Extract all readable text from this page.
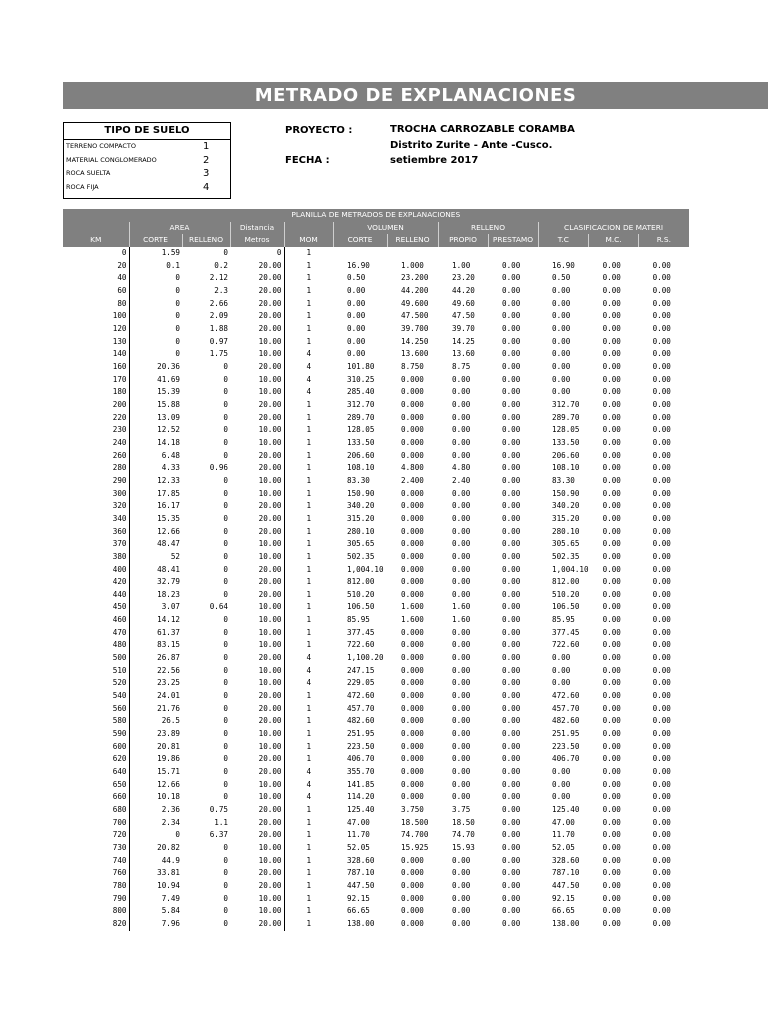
METRADO DE EXPLANACIONES
TIPO DE SUELO
TERRENO COMPACTO	1
MATERIAL CONGLOMERADO	2
ROCA SUELTA	3
ROCA FIJA	4
PROYECTO :	TROCHA CARROZABLE CORAMBA
Distrito Zurite - Ante -Cusco.
FECHA :	setiembre 2017
PLANILLA DE METRADOS DE EXPLANACIONES											
	AREA		Distancia		VOLUMEN		RELLENO		CLASIFICACION DE MATERI		
KM	CORTE	RELLENO	Metros	MOM	CORTE	RELLENO	PROPIO	PRESTAMO	T.C	M.C.	R.S.
0	1.59	0	0	1							
20	0.1	0.2	20.00	1	16.90	1.000	1.00	0.00	16.90	0.00	0.00
40	0	2.12	20.00	1	0.50	23.200	23.20	0.00	0.50	0.00	0.00
60	0	2.3	20.00	1	0.00	44.200	44.20	0.00	0.00	0.00	0.00
80	0	2.66	20.00	1	0.00	49.600	49.60	0.00	0.00	0.00	0.00
100	0	2.09	20.00	1	0.00	47.500	47.50	0.00	0.00	0.00	0.00
120	0	1.88	20.00	1	0.00	39.700	39.70	0.00	0.00	0.00	0.00
130	0	0.97	10.00	1	0.00	14.250	14.25	0.00	0.00	0.00	0.00
140	0	1.75	10.00	4	0.00	13.600	13.60	0.00	0.00	0.00	0.00
160	20.36	0	20.00	4	101.80	8.750	8.75	0.00	0.00	0.00	0.00
170	41.69	0	10.00	4	310.25	0.000	0.00	0.00	0.00	0.00	0.00
180	15.39	0	10.00	4	285.40	0.000	0.00	0.00	0.00	0.00	0.00
200	15.88	0	20.00	1	312.70	0.000	0.00	0.00	312.70	0.00	0.00
220	13.09	0	20.00	1	289.70	0.000	0.00	0.00	289.70	0.00	0.00
230	12.52	0	10.00	1	128.05	0.000	0.00	0.00	128.05	0.00	0.00
240	14.18	0	10.00	1	133.50	0.000	0.00	0.00	133.50	0.00	0.00
260	6.48	0	20.00	1	206.60	0.000	0.00	0.00	206.60	0.00	0.00
280	4.33	0.96	20.00	1	108.10	4.800	4.80	0.00	108.10	0.00	0.00
290	12.33	0	10.00	1	83.30	2.400	2.40	0.00	83.30	0.00	0.00
300	17.85	0	10.00	1	150.90	0.000	0.00	0.00	150.90	0.00	0.00
320	16.17	0	20.00	1	340.20	0.000	0.00	0.00	340.20	0.00	0.00
340	15.35	0	20.00	1	315.20	0.000	0.00	0.00	315.20	0.00	0.00
360	12.66	0	20.00	1	280.10	0.000	0.00	0.00	280.10	0.00	0.00
370	48.47	0	10.00	1	305.65	0.000	0.00	0.00	305.65	0.00	0.00
380	52	0	10.00	1	502.35	0.000	0.00	0.00	502.35	0.00	0.00
400	48.41	0	20.00	1	1,004.10	0.000	0.00	0.00	1,004.10	0.00	0.00
420	32.79	0	20.00	1	812.00	0.000	0.00	0.00	812.00	0.00	0.00
440	18.23	0	20.00	1	510.20	0.000	0.00	0.00	510.20	0.00	0.00
450	3.07	0.64	10.00	1	106.50	1.600	1.60	0.00	106.50	0.00	0.00
460	14.12	0	10.00	1	85.95	1.600	1.60	0.00	85.95	0.00	0.00
470	61.37	0	10.00	1	377.45	0.000	0.00	0.00	377.45	0.00	0.00
480	83.15	0	10.00	1	722.60	0.000	0.00	0.00	722.60	0.00	0.00
500	26.87	0	20.00	4	1,100.20	0.000	0.00	0.00	0.00	0.00	0.00
510	22.56	0	10.00	4	247.15	0.000	0.00	0.00	0.00	0.00	0.00
520	23.25	0	10.00	4	229.05	0.000	0.00	0.00	0.00	0.00	0.00
540	24.01	0	20.00	1	472.60	0.000	0.00	0.00	472.60	0.00	0.00
560	21.76	0	20.00	1	457.70	0.000	0.00	0.00	457.70	0.00	0.00
580	26.5	0	20.00	1	482.60	0.000	0.00	0.00	482.60	0.00	0.00
590	23.89	0	10.00	1	251.95	0.000	0.00	0.00	251.95	0.00	0.00
600	20.81	0	10.00	1	223.50	0.000	0.00	0.00	223.50	0.00	0.00
620	19.86	0	20.00	1	406.70	0.000	0.00	0.00	406.70	0.00	0.00
640	15.71	0	20.00	4	355.70	0.000	0.00	0.00	0.00	0.00	0.00
650	12.66	0	10.00	4	141.85	0.000	0.00	0.00	0.00	0.00	0.00
660	10.18	0	10.00	4	114.20	0.000	0.00	0.00	0.00	0.00	0.00
680	2.36	0.75	20.00	1	125.40	3.750	3.75	0.00	125.40	0.00	0.00
700	2.34	1.1	20.00	1	47.00	18.500	18.50	0.00	47.00	0.00	0.00
720	0	6.37	20.00	1	11.70	74.700	74.70	0.00	11.70	0.00	0.00
730	20.82	0	10.00	1	52.05	15.925	15.93	0.00	52.05	0.00	0.00
740	44.9	0	10.00	1	328.60	0.000	0.00	0.00	328.60	0.00	0.00
760	33.81	0	20.00	1	787.10	0.000	0.00	0.00	787.10	0.00	0.00
780	10.94	0	20.00	1	447.50	0.000	0.00	0.00	447.50	0.00	0.00
790	7.49	0	10.00	1	92.15	0.000	0.00	0.00	92.15	0.00	0.00
800	5.84	0	10.00	1	66.65	0.000	0.00	0.00	66.65	0.00	0.00
820	7.96	0	20.00	1	138.00	0.000	0.00	0.00	138.00	0.00	0.00
